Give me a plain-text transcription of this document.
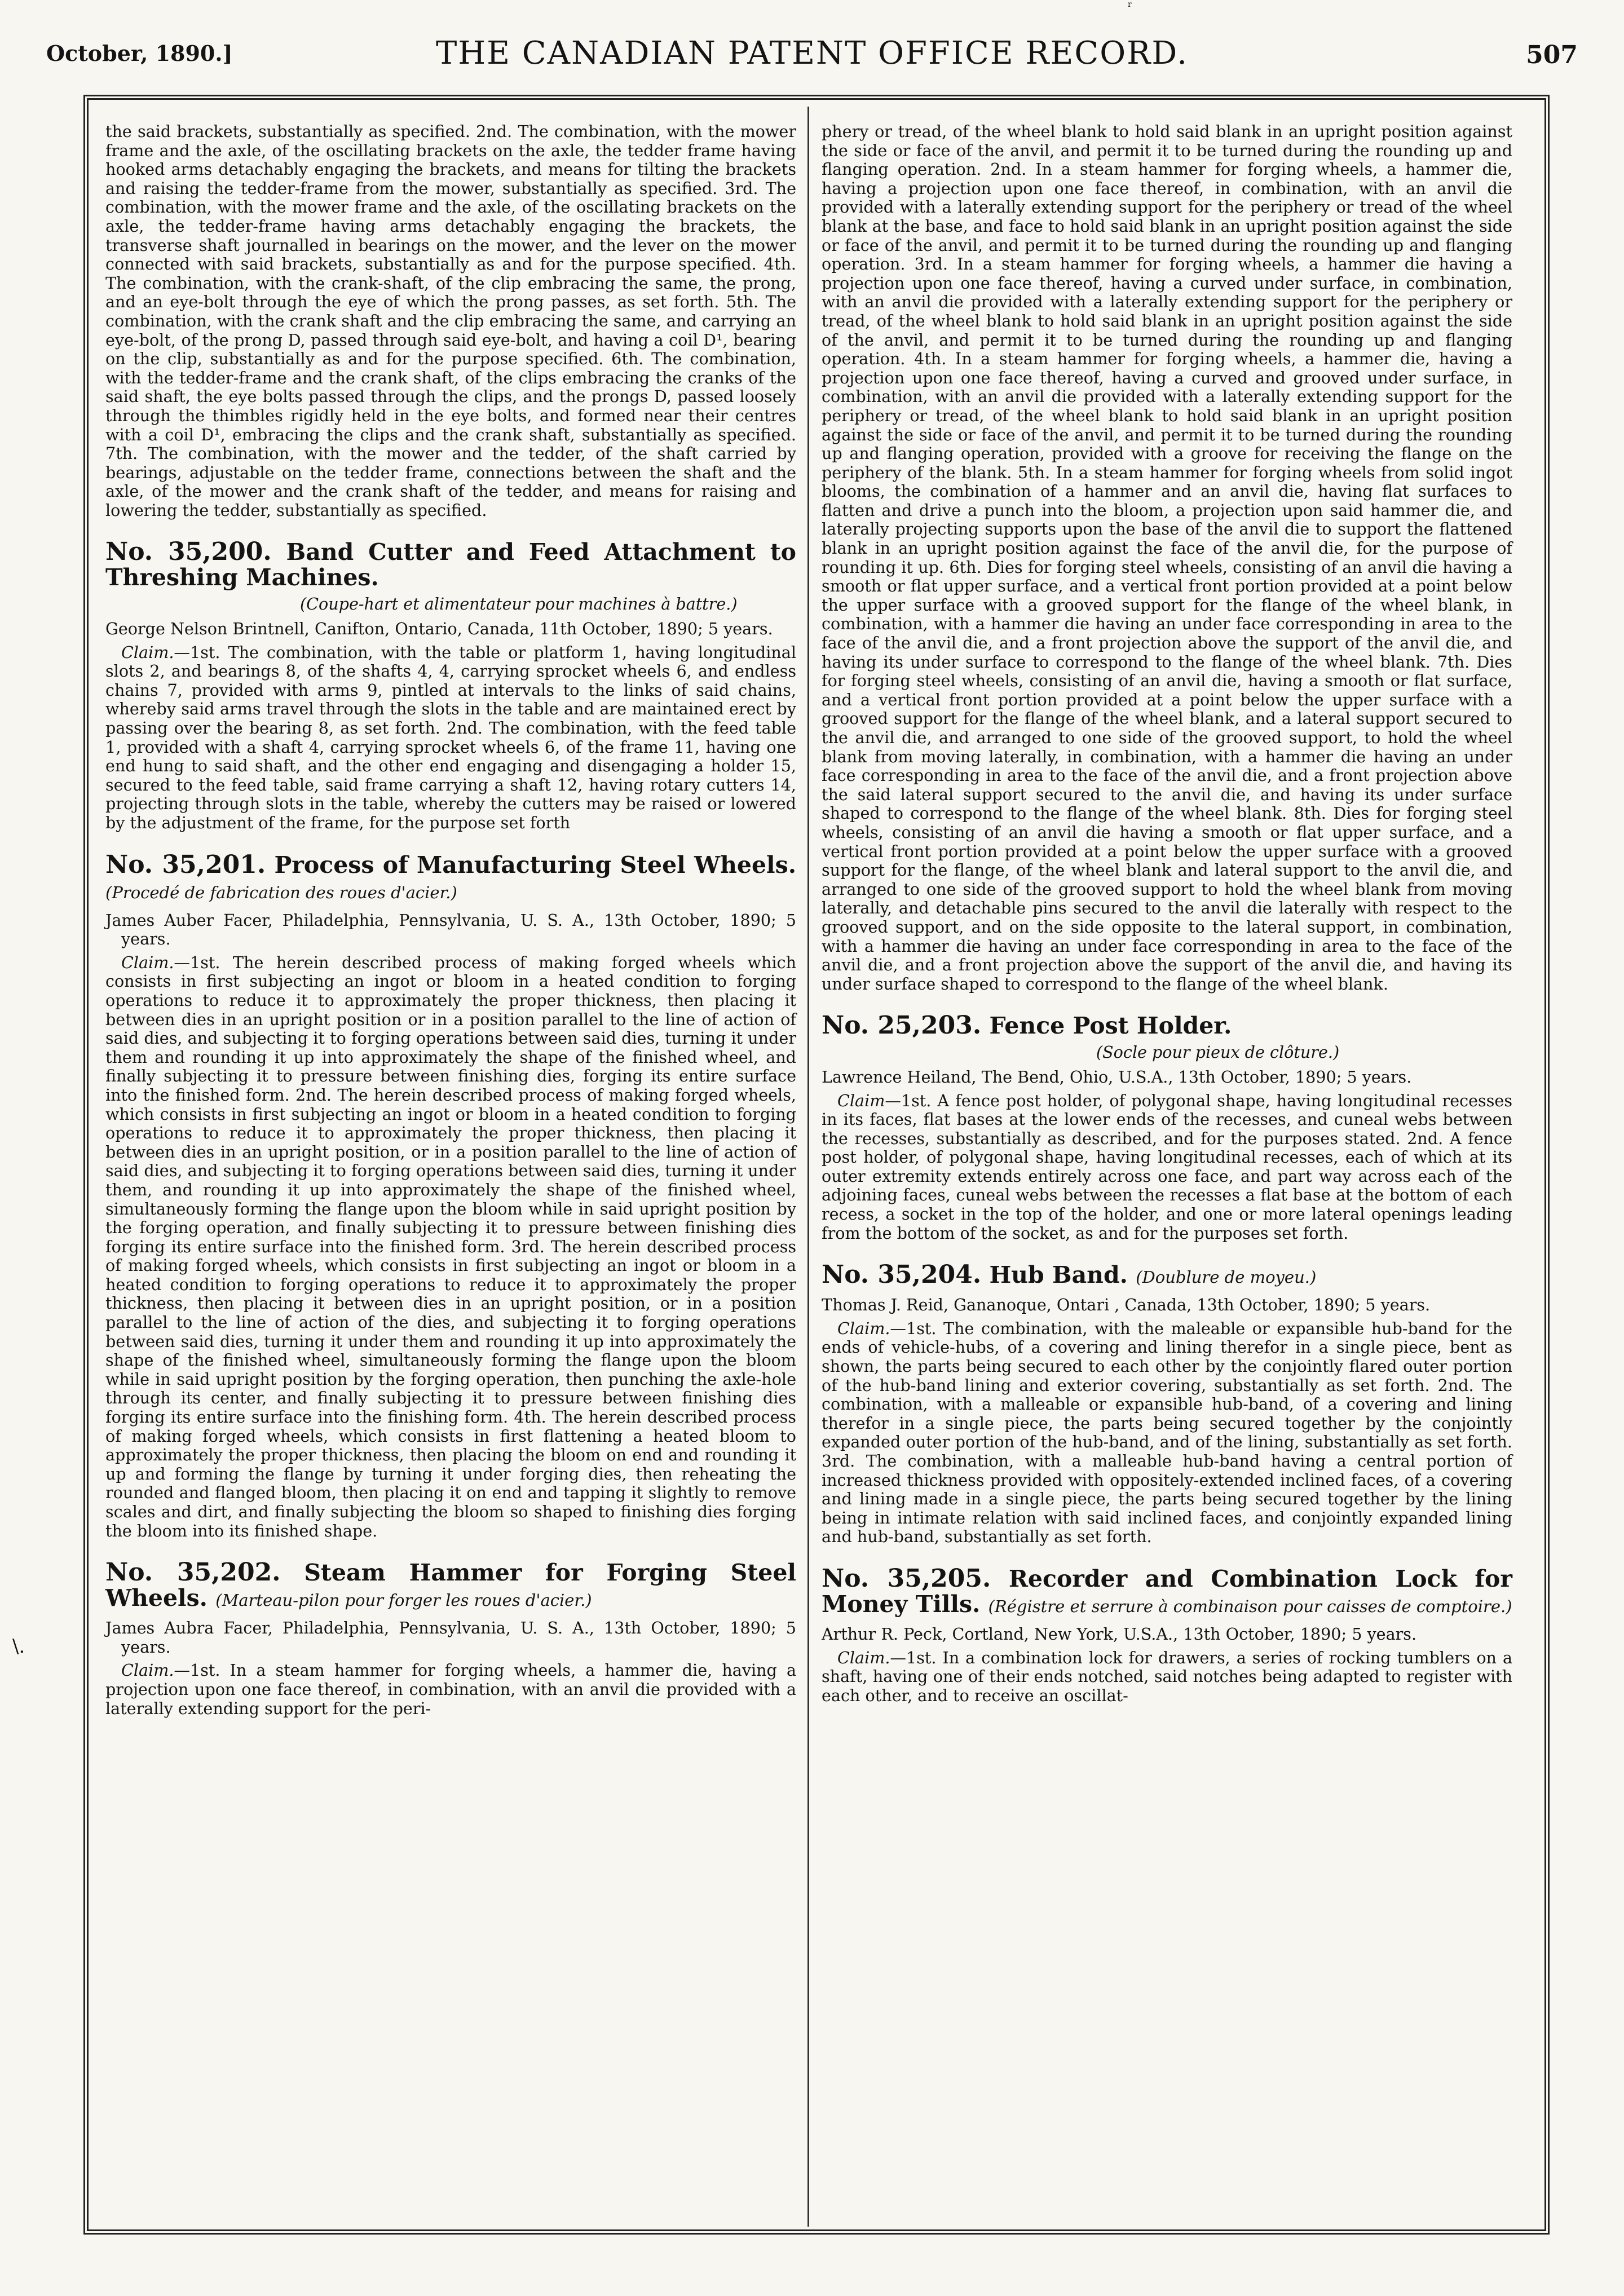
October, 1890.]	THE CANADIAN PATENT OFFICE RECORD.	507
r
\.

the said brackets, substantially as specified. 2nd. The combination, with the mower frame and the axle, of the oscillating brackets on the axle, the tedder frame having hooked arms detachably engaging the brackets, and means for tilting the brackets and raising the tedder-frame from the mower, substantially as specified. 3rd. The combination, with the mower frame and the axle, of the oscillating brackets on the axle, the tedder-frame having arms detachably engaging the brackets, the transverse shaft journalled in bearings on the mower, and the lever on the mower connected with said brackets, substantially as and for the purpose specified. 4th. The combination, with the crank-shaft, of the clip embracing the same, the prong, and an eye-bolt through the eye of which the prong passes, as set forth. 5th. The combination, with the crank shaft and the clip embracing the same, and carrying an eye-bolt, of the prong D, passed through said eye-bolt, and having a coil D¹, bearing on the clip, substantially as and for the purpose specified. 6th. The combination, with the tedder-frame and the crank shaft, of the clips embracing the cranks of the said shaft, the eye bolts passed through the clips, and the prongs D, passed loosely through the thimbles rigidly held in the eye bolts, and formed near their centres with a coil D¹, embracing the clips and the crank shaft, substantially as specified. 7th. The combination, with the mower and the tedder, of the shaft carried by bearings, adjustable on the tedder frame, connections between the shaft and the axle, of the mower and the crank shaft of the tedder, and means for raising and lowering the tedder, substantially as specified.

No. 35,200. Band Cutter and Feed Attachment to Threshing Machines.

(Coupe-hart et alimentateur pour machines à battre.)

George Nelson Brintnell, Canifton, Ontario, Canada, 11th October, 1890; 5 years.

Claim.—1st. The combination, with the table or platform 1, having longitudinal slots 2, and bearings 8, of the shafts 4, 4, carrying sprocket wheels 6, and endless chains 7, provided with arms 9, pintled at intervals to the links of said chains, whereby said arms travel through the slots in the table and are maintained erect by passing over the bearing 8, as set forth. 2nd. The combination, with the feed table 1, provided with a shaft 4, carrying sprocket wheels 6, of the frame 11, having one end hung to said shaft, and the other end engaging and disengaging a holder 15, secured to the feed table, said frame carrying a shaft 12, having rotary cutters 14, projecting through slots in the table, whereby the cutters may be raised or lowered by the adjustment of the frame, for the purpose set forth

No. 35,201. Process of Manufacturing Steel Wheels. (Procedé de fabrication des roues d'acier.)

James Auber Facer, Philadelphia, Pennsylvania, U. S. A., 13th October, 1890; 5 years.

Claim.—1st. The herein described process of making forged wheels which consists in first subjecting an ingot or bloom in a heated condition to forging operations to reduce it to approximately the proper thickness, then placing it between dies in an upright position or in a position parallel to the line of action of said dies, and subjecting it to forging operations between said dies, turning it under them and rounding it up into approximately the shape of the finished wheel, and finally subjecting it to pressure between finishing dies, forging its entire surface into the finished form. 2nd. The herein described process of making forged wheels, which consists in first subjecting an ingot or bloom in a heated condition to forging operations to reduce it to approximately the proper thickness, then placing it between dies in an upright position, or in a position parallel to the line of action of said dies, and subjecting it to forging operations between said dies, turning it under them, and rounding it up into approximately the shape of the finished wheel, simultaneously forming the flange upon the bloom while in said upright position by the forging operation, and finally subjecting it to pressure between finishing dies forging its entire surface into the finished form. 3rd. The herein described process of making forged wheels, which consists in first subjecting an ingot or bloom in a heated condition to forging operations to reduce it to approximately the proper thickness, then placing it between dies in an upright position, or in a position parallel to the line of action of the dies, and subjecting it to forging operations between said dies, turning it under them and rounding it up into approximately the shape of the finished wheel, simultaneously forming the flange upon the bloom while in said upright position by the forging operation, then punching the axle-hole through its center, and finally subjecting it to pressure between finishing dies forging its entire surface into the finishing form. 4th. The herein described process of making forged wheels, which consists in first flattening a heated bloom to approximately the proper thickness, then placing the bloom on end and rounding it up and forming the flange by turning it under forging dies, then reheating the rounded and flanged bloom, then placing it on end and tapping it slightly to remove scales and dirt, and finally subjecting the bloom so shaped to finishing dies forging the bloom into its finished shape.

No. 35,202. Steam Hammer for Forging Steel Wheels. (Marteau-pilon pour forger les roues d'acier.)

James Aubra Facer, Philadelphia, Pennsylvania, U. S. A., 13th October, 1890; 5 years.

Claim.—1st. In a steam hammer for forging wheels, a hammer die, having a projection upon one face thereof, in combination, with an anvil die provided with a laterally extending support for the peri-

phery or tread, of the wheel blank to hold said blank in an upright position against the side or face of the anvil, and permit it to be turned during the rounding up and flanging operation. 2nd. In a steam hammer for forging wheels, a hammer die, having a projection upon one face thereof, in combination, with an anvil die provided with a laterally extending support for the periphery or tread of the wheel blank at the base, and face to hold said blank in an upright position against the side or face of the anvil, and permit it to be turned during the rounding up and flanging operation. 3rd. In a steam hammer for forging wheels, a hammer die having a projection upon one face thereof, having a curved under surface, in combination, with an anvil die provided with a laterally extending support for the periphery or tread, of the wheel blank to hold said blank in an upright position against the side of the anvil, and permit it to be turned during the rounding up and flanging operation. 4th. In a steam hammer for forging wheels, a hammer die, having a projection upon one face thereof, having a curved and grooved under surface, in combination, with an anvil die provided with a laterally extending support for the periphery or tread, of the wheel blank to hold said blank in an upright position against the side or face of the anvil, and permit it to be turned during the rounding up and flanging operation, provided with a groove for receiving the flange on the periphery of the blank. 5th. In a steam hammer for forging wheels from solid ingot blooms, the combination of a hammer and an anvil die, having flat surfaces to flatten and drive a punch into the bloom, a projection upon said hammer die, and laterally projecting supports upon the base of the anvil die to support the flattened blank in an upright position against the face of the anvil die, for the purpose of rounding it up. 6th. Dies for forging steel wheels, consisting of an anvil die having a smooth or flat upper surface, and a vertical front portion provided at a point below the upper surface with a grooved support for the flange of the wheel blank, in combination, with a hammer die having an under face corresponding in area to the face of the anvil die, and a front projection above the support of the anvil die, and having its under surface to correspond to the flange of the wheel blank. 7th. Dies for forging steel wheels, consisting of an anvil die, having a smooth or flat surface, and a vertical front portion provided at a point below the upper surface with a grooved support for the flange of the wheel blank, and a lateral support secured to the anvil die, and arranged to one side of the grooved support, to hold the wheel blank from moving laterally, in combination, with a hammer die having an under face corresponding in area to the face of the anvil die, and a front projection above the said lateral support secured to the anvil die, and having its under surface shaped to correspond to the flange of the wheel blank. 8th. Dies for forging steel wheels, consisting of an anvil die having a smooth or flat upper surface, and a vertical front portion provided at a point below the upper surface with a grooved support for the flange, of the wheel blank and lateral support to the anvil die, and arranged to one side of the grooved support to hold the wheel blank from moving laterally, and detachable pins secured to the anvil die laterally with respect to the grooved support, and on the side opposite to the lateral support, in combination, with a hammer die having an under face corresponding in area to the face of the anvil die, and a front projection above the support of the anvil die, and having its under surface shaped to correspond to the flange of the wheel blank.

No. 25,203. Fence Post Holder.

(Socle pour pieux de clôture.)

Lawrence Heiland, The Bend, Ohio, U.S.A., 13th October, 1890; 5 years.

Claim—1st. A fence post holder, of polygonal shape, having longitudinal recesses in its faces, flat bases at the lower ends of the recesses, and cuneal webs between the recesses, substantially as described, and for the purposes stated. 2nd. A fence post holder, of polygonal shape, having longitudinal recesses, each of which at its outer extremity extends entirely across one face, and part way across each of the adjoining faces, cuneal webs between the recesses a flat base at the bottom of each recess, a socket in the top of the holder, and one or more lateral openings leading from the bottom of the socket, as and for the purposes set forth.

No. 35,204. Hub Band. (Doublure de moyeu.)

Thomas J. Reid, Gananoque, Ontari , Canada, 13th October, 1890; 5 years.

Claim.—1st. The combination, with the maleable or expansible hub-band for the ends of vehicle-hubs, of a covering and lining therefor in a single piece, bent as shown, the parts being secured to each other by the conjointly flared outer portion of the hub-band lining and exterior covering, substantially as set forth. 2nd. The combination, with a malleable or expansible hub-band, of a covering and lining therefor in a single piece, the parts being secured together by the conjointly expanded outer portion of the hub-band, and of the lining, substantially as set forth. 3rd. The combination, with a malleable hub-band having a central portion of increased thickness provided with oppositely-extended inclined faces, of a covering and lining made in a single piece, the parts being secured together by the lining being in intimate relation with said inclined faces, and conjointly expanded lining and hub-band, substantially as set forth.

No. 35,205. Recorder and Combination Lock for Money Tills. (Régistre et serrure à combinaison pour caisses de comptoire.)

Arthur R. Peck, Cortland, New York, U.S.A., 13th October, 1890; 5 years.

Claim.—1st. In a combination lock for drawers, a series of rocking tumblers on a shaft, having one of their ends notched, said notches being adapted to register with each other, and to receive an oscillat-
